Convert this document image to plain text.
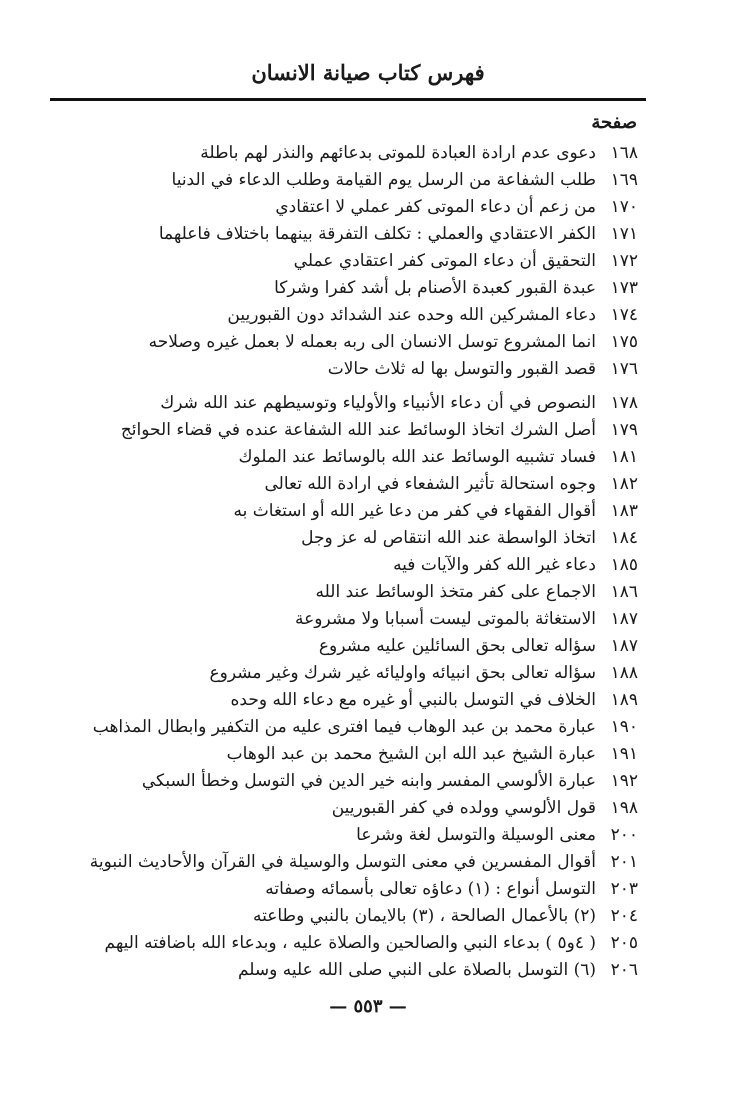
فهرس كتاب صيانة الانسان
صفحة
١٦٨
دعوى عدم ارادة العبادة للموتى بدعائهم والنذر لهم باطلة
١٦٩
طلب الشفاعة من الرسل يوم القيامة وطلب الدعاء في الدنيا
١٧٠
من زعم أن دعاء الموتى كفر عملي لا اعتقادي
١٧١
الكفر الاعتقادي والعملي : تكلف التفرقة بينهما باختلاف فاعلهما
١٧٢
التحقيق أن دعاء الموتى كفر اعتقادي عملي
١٧٣
عبدة القبور كعبدة الأصنام بل أشد كفرا وشركا
١٧٤
دعاء المشركين الله وحده عند الشدائد دون القبوريين
١٧٥
انما المشروع توسل الانسان الى ربه بعمله لا بعمل غيره وصلاحه
١٧٦
قصد القبور والتوسل بها له ثلاث حالات
١٧٨
النصوص في أن دعاء الأنبياء والأولياء وتوسيطهم عند الله شرك
١٧٩
أصل الشرك اتخاذ الوسائط عند الله الشفاعة عنده في قضاء الحوائج
١٨١
فساد تشبيه الوسائط عند الله بالوسائط عند الملوك
١٨٢
وجوه استحالة تأثير الشفعاء في ارادة الله تعالى
١٨٣
أقوال الفقهاء في كفر من دعا غير الله أو استغاث به
١٨٤
اتخاذ الواسطة عند الله انتقاص له عز وجل
١٨٥
دعاء غير الله كفر والآيات فيه
١٨٦
الاجماع على كفر متخذ الوسائط عند الله
١٨٧
الاستغاثة بالموتى ليست أسبابا ولا مشروعة
١٨٧
سؤاله تعالى بحق السائلين عليه مشروع
١٨٨
سؤاله تعالى بحق انبيائه واوليائه غير شرك وغير مشروع
١٨٩
الخلاف في التوسل بالنبي أو غيره مع دعاء الله وحده
١٩٠
عبارة محمد بن عبد الوهاب فيما افترى عليه من التكفير وابطال المذاهب
١٩١
عبارة الشيخ عبد الله ابن الشيخ محمد بن عبد الوهاب
١٩٢
عبارة الألوسي المفسر وابنه خير الدين في التوسل وخطأ السبكي
١٩٨
قول الألوسي وولده في كفر القبوريين
٢٠٠
معنى الوسيلة والتوسل لغة وشرعا
٢٠١
أقوال المفسرين في معنى التوسل والوسيلة في القرآن والأحاديث النبوية
٢٠٣
التوسل أنواع : (١) دعاؤه تعالى بأسمائه وصفاته
٢٠٤
(٢) بالأعمال الصالحة ، (٣) بالايمان بالنبي وطاعته
٢٠٥
( ٤و٥ ) بدعاء النبي والصالحين والصلاة عليه ، وبدعاء الله باضافته اليهم
٢٠٦
(٦) التوسل بالصلاة على النبي صلى الله عليه وسلم
— ٥٥٣ —
